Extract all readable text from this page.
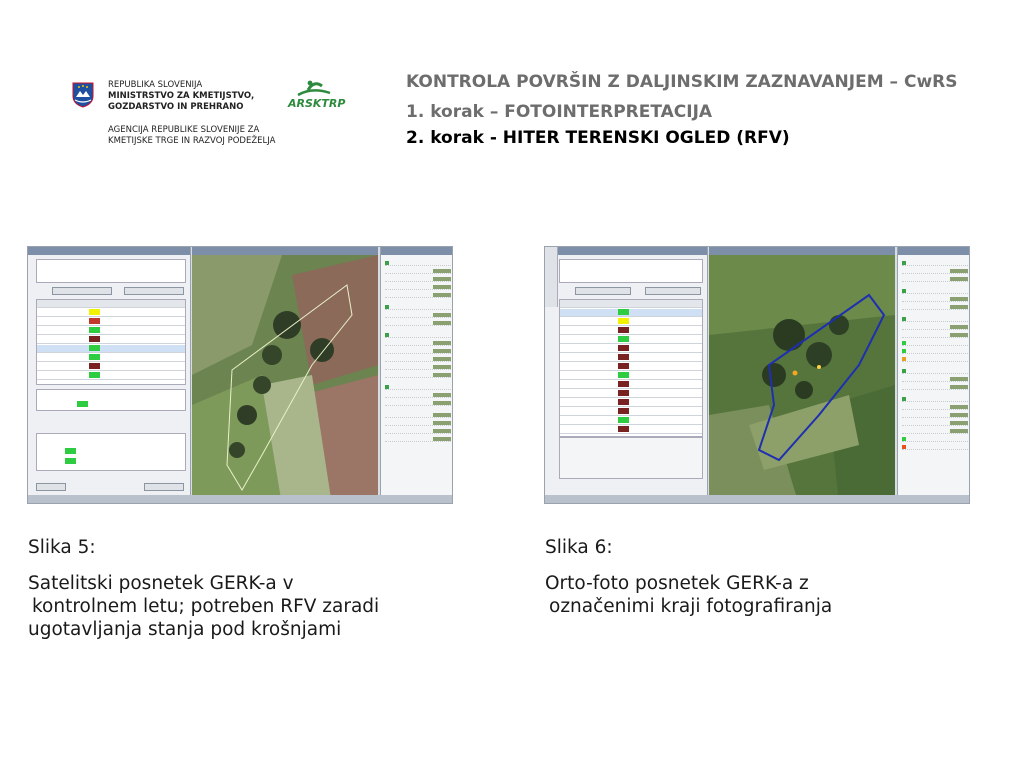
REPUBLIKA SLOVENIJA
MINISTRSTVO ZA KMETIJSTVO,
GOZDARSTVO IN PREHRANO
AGENCIJA REPUBLIKE SLOVENIJE ZA
KMETIJSKE TRGE IN RAZVOJ PODEŽELJA
ARSKTRP
KONTROLA POVRŠIN Z DALJINSKIM ZAZNAVANJEM – CwRS
1. korak – FOTOINTERPRETACIJA
2. korak - HITER TERENSKI OGLED (RFV)
Slika 5:
Satelitski posnetek GERK-a v
kontrolnem letu; potreben RFV zaradi
ugotavljanja stanja pod krošnjami
Slika 6:
Orto-foto posnetek GERK-a z
označenimi kraji fotografiranja
